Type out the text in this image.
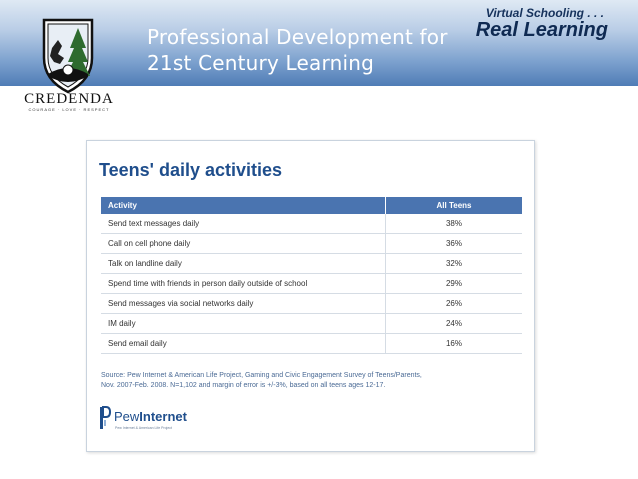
Professional Development for
21st Century Learning
Virtual Schooling . . .
Real Learning
CREDENDA
COURAGE · LOVE · RESPECT
Teens' daily activities
Activity	All Teens
Send text messages daily	38%
Call on cell phone daily	36%
Talk on landline daily	32%
Spend time with friends in person daily outside of school	29%
Send messages via social networks daily	26%
IM daily	24%
Send email daily	16%
Source: Pew Internet & American Life Project, Gaming and Civic Engagement Survey of Teens/Parents,
Nov. 2007-Feb. 2008. N=1,102 and margin of error is +/-3%, based on all teens ages 12-17.
PewInternet
Pew Internet & American Life Project
